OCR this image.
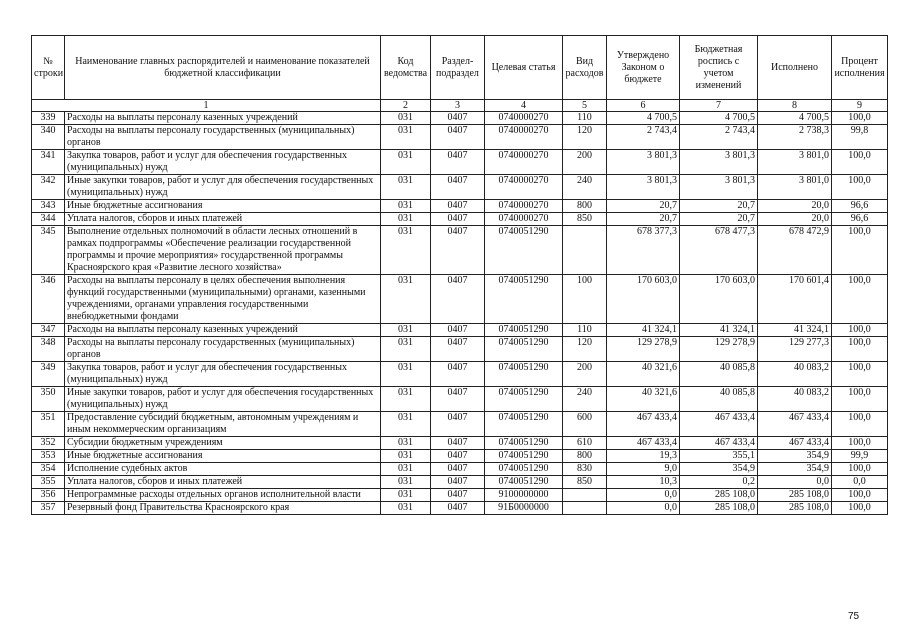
№ строки	Наименование главных распорядителей и наименование показателей бюджетной классификации	Код ведомства	Раздел-подраздел	Целевая статья	Вид расходов	Утверждено Законом о бюджете	Бюджетная роспись с учетом изменений	Исполнено	Процент исполнения
1		2	3	4	5	6	7	8	9
339	Расходы на выплаты персоналу казенных учреждений	031	0407	0740000270	110	4 700,5	4 700,5	4 700,5	100,0
340	Расходы на выплаты персоналу государственных (муниципальных) органов	031	0407	0740000270	120	2 743,4	2 743,4	2 738,3	99,8
341	Закупка товаров, работ и услуг для обеспечения государственных (муниципальных) нужд	031	0407	0740000270	200	3 801,3	3 801,3	3 801,0	100,0
342	Иные закупки товаров, работ и услуг для обеспечения государственных (муниципальных) нужд	031	0407	0740000270	240	3 801,3	3 801,3	3 801,0	100,0
343	Иные бюджетные ассигнования	031	0407	0740000270	800	20,7	20,7	20,0	96,6
344	Уплата налогов, сборов и иных платежей	031	0407	0740000270	850	20,7	20,7	20,0	96,6
345	Выполнение отдельных полномочий в области лесных отношений в рамках подпрограммы «Обеспечение реализации государственной программы и прочие мероприятия» государственной программы Красноярского края «Развитие лесного хозяйства»	031	0407	0740051290		678 377,3	678 477,3	678 472,9	100,0
346	Расходы на выплаты персоналу в целях обеспечения выполнения функций государственными (муниципальными) органами, казенными учреждениями, органами управления государственными внебюджетными фондами	031	0407	0740051290	100	170 603,0	170 603,0	170 601,4	100,0
347	Расходы на выплаты персоналу казенных учреждений	031	0407	0740051290	110	41 324,1	41 324,1	41 324,1	100,0
348	Расходы на выплаты персоналу государственных (муниципальных) органов	031	0407	0740051290	120	129 278,9	129 278,9	129 277,3	100,0
349	Закупка товаров, работ и услуг для обеспечения государственных (муниципальных) нужд	031	0407	0740051290	200	40 321,6	40 085,8	40 083,2	100,0
350	Иные закупки товаров, работ и услуг для обеспечения государственных (муниципальных) нужд	031	0407	0740051290	240	40 321,6	40 085,8	40 083,2	100,0
351	Предоставление субсидий бюджетным, автономным учреждениям и иным некоммерческим организациям	031	0407	0740051290	600	467 433,4	467 433,4	467 433,4	100,0
352	Субсидии бюджетным учреждениям	031	0407	0740051290	610	467 433,4	467 433,4	467 433,4	100,0
353	Иные бюджетные ассигнования	031	0407	0740051290	800	19,3	355,1	354,9	99,9
354	Исполнение судебных актов	031	0407	0740051290	830	9,0	354,9	354,9	100,0
355	Уплата налогов, сборов и иных платежей	031	0407	0740051290	850	10,3	0,2	0,0	0,0
356	Непрограммные расходы отдельных органов исполнительной власти	031	0407	9100000000		0,0	285 108,0	285 108,0	100,0
357	Резервный фонд Правительства Красноярского края	031	0407	91Б0000000		0,0	285 108,0	285 108,0	100,0
75
